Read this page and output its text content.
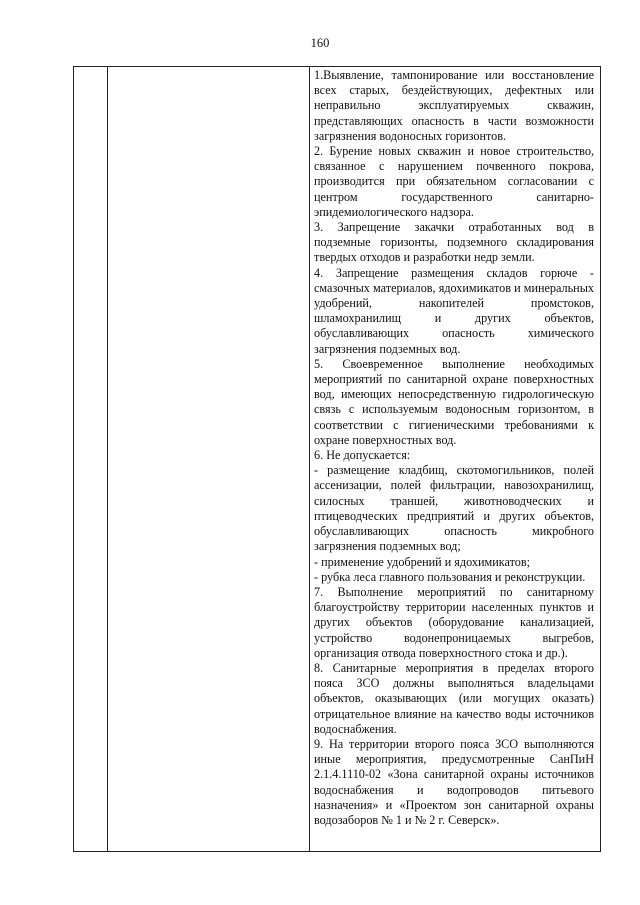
160

1.Выявление, тампонирование или восстановление всех старых, бездействующих, дефектных или неправильно эксплуатируемых скважин, представляющих опасность в части возможности загрязнения водоносных горизонтов.

2. Бурение новых скважин и новое строительство, связанное с нарушением почвенного покрова, производится при обязательном согласовании с

центром государственного санитарно-эпидемиологического надзора.

3. Запрещение закачки отработанных вод в подземные горизонты, подземного складирования твердых отходов и разработки недр земли.

4. Запрещение размещения складов горюче - смазочных материалов, ядохимикатов и минеральных удобрений, накопителей промстоков, шламохранилищ и других объектов, обуславливающих опасность химического загрязнения подземных вод.

5. Своевременное выполнение необходимых мероприятий по санитарной охране поверхностных вод, имеющих непосредственную гидрологическую связь с используемым водоносным горизонтом, в соответствии с гигиеническими требованиями к охране поверхностных вод.

6. Не допускается:

- размещение кладбищ, скотомогильников, полей ассенизации, полей фильтрации, навозохранилищ, силосных траншей, животноводческих и птицеводческих предприятий и других объектов, обуславливающих опасность микробного загрязнения подземных вод;

- применение удобрений и ядохимикатов;

- рубка леса главного пользования и реконструкции.

7. Выполнение мероприятий по санитарному благоустройству территории населенных пунктов и других объектов (оборудование канализацией,

устройство водонепроницаемых выгребов, организация отвода поверхностного стока и др.).

8. Санитарные мероприятия в пределах второго пояса ЗСО должны выполняться владельцами объектов, оказывающих (или могущих оказать) отрицательное влияние на качество воды источников водоснабжения.

9. На территории второго пояса ЗСО выполняются иные мероприятия, предусмотренные СанПиН 2.1.4.1110-02 «Зона санитарной охраны источников водоснабжения и водопроводов питьевого назначения» и «Проектом зон санитарной охраны водозаборов № 1 и № 2 г. Северск».
